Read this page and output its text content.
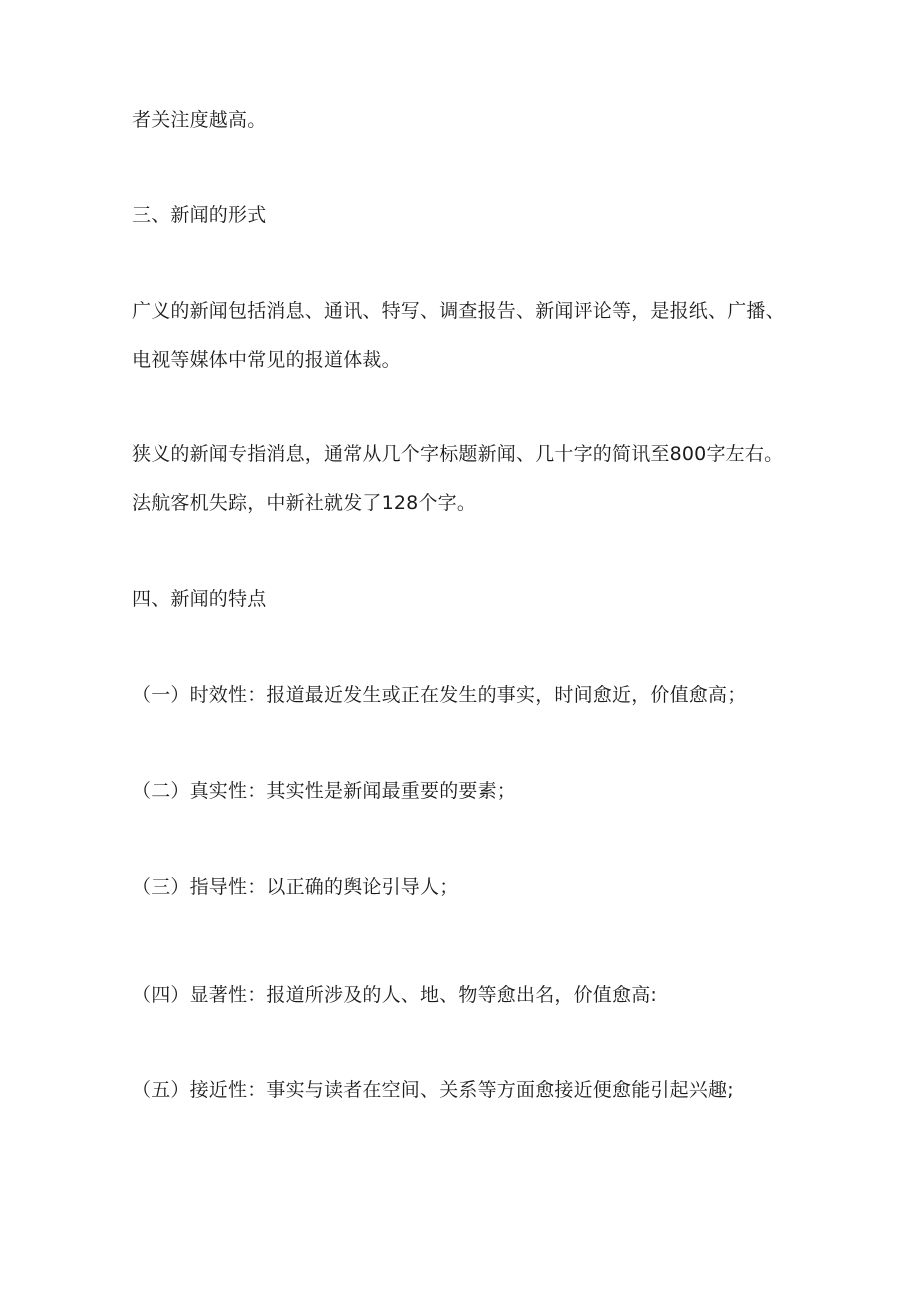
者关注度越高。
三、新闻的形式
广义的新闻包括消息、通讯、特写、调查报告、新闻评论等，是报纸、广播、
电视等媒体中常见的报道体裁。
狭义的新闻专指消息，通常从几个字标题新闻、几十字的简讯至800字左右。
法航客机失踪，中新社就发了128个字。
四、新闻的特点
（一）时效性：报道最近发生或正在发生的事实，时间愈近，价值愈高；
（二）真实性：其实性是新闻最重要的要素；
（三）指导性：以正确的舆论引导人；
（四）显著性：报道所涉及的人、地、物等愈出名，价值愈高:
（五）接近性：事实与读者在空间、关系等方面愈接近便愈能引起兴趣;
